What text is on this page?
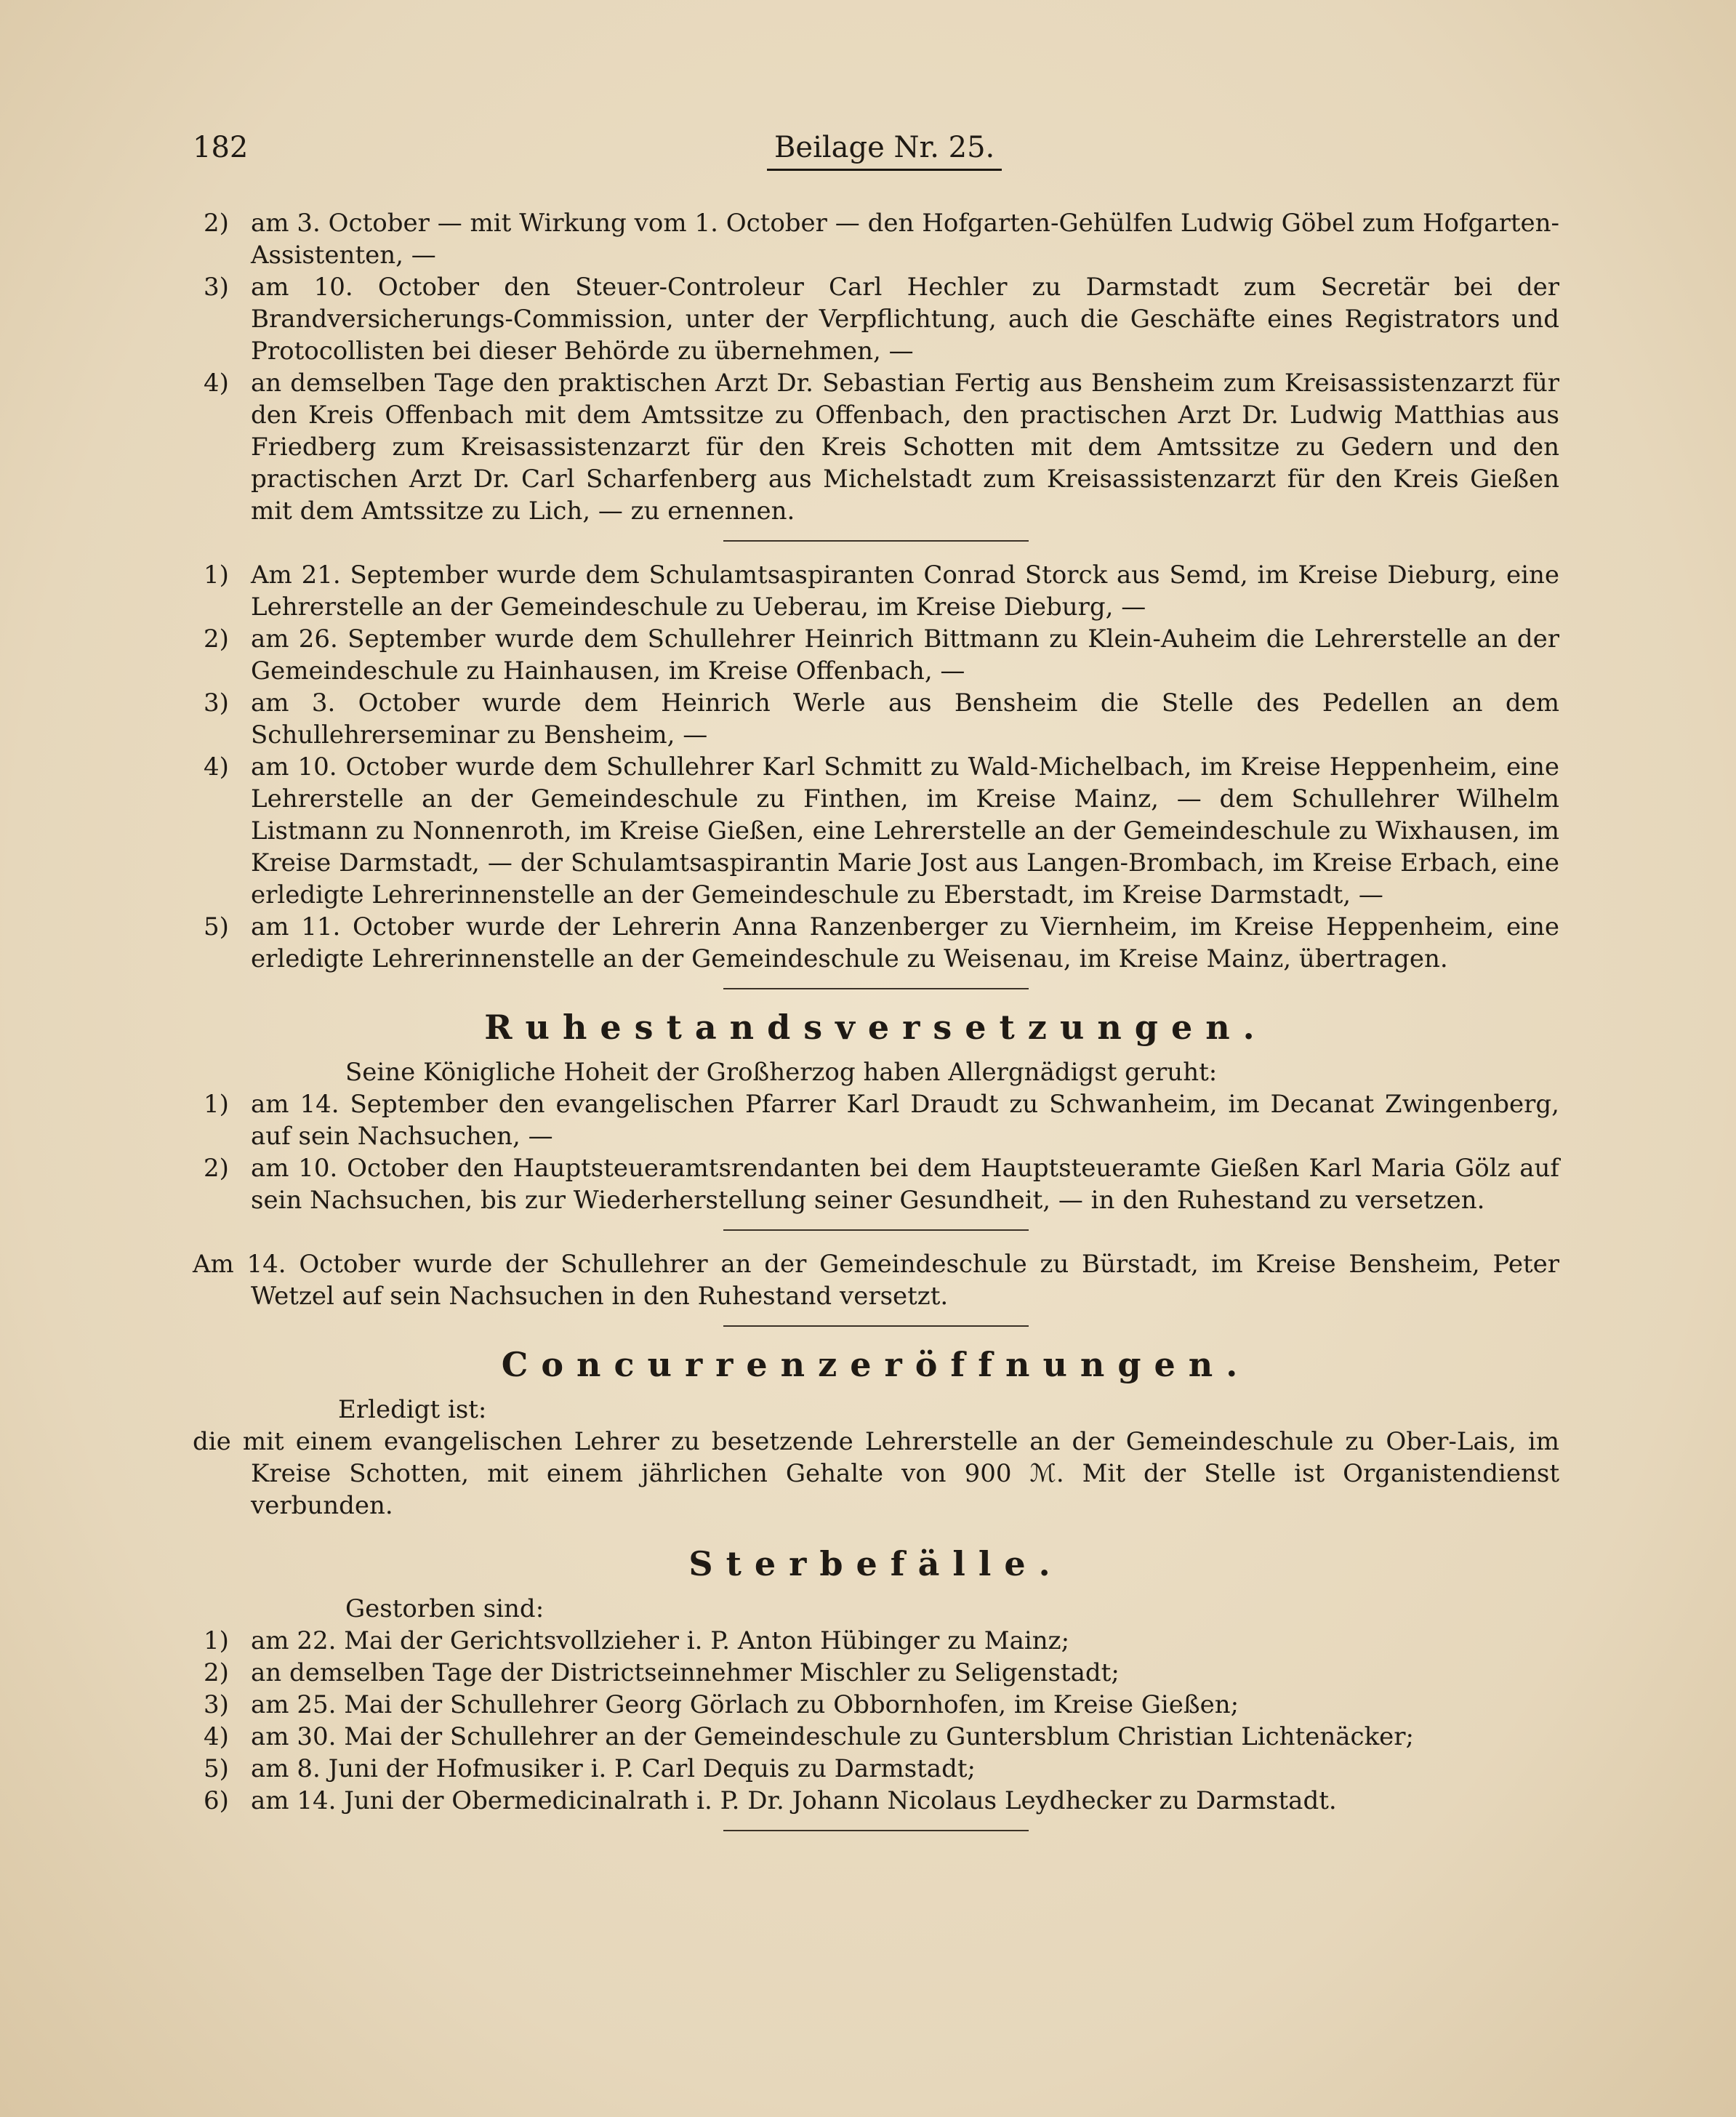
182	Beilage Nr. 25.
2) am 3. October — mit Wirkung vom 1. October — den Hofgarten-Gehülfen Ludwig Göbel zum Hofgarten-Assistenten, —
3) am 10. October den Steuer-Controleur Carl Hechler zu Darmstadt zum Secretär bei der Brandversicherungs-Commission, unter der Verpflichtung, auch die Geschäfte eines Registrators und Protocollisten bei dieser Behörde zu übernehmen, —
4) an demselben Tage den praktischen Arzt Dr. Sebastian Fertig aus Bensheim zum Kreisassistenzarzt für den Kreis Offenbach mit dem Amtssitze zu Offenbach, den practischen Arzt Dr. Ludwig Matthias aus Friedberg zum Kreisassistenzarzt für den Kreis Schotten mit dem Amtssitze zu Gedern und den practischen Arzt Dr. Carl Scharfenberg aus Michelstadt zum Kreisassistenzarzt für den Kreis Gießen mit dem Amtssitze zu Lich, — zu ernennen.
1) Am 21. September wurde dem Schulamtsaspiranten Conrad Storck aus Semd, im Kreise Dieburg, eine Lehrerstelle an der Gemeindeschule zu Ueberau, im Kreise Dieburg, —
2) am 26. September wurde dem Schullehrer Heinrich Bittmann zu Klein-Auheim die Lehrerstelle an der Gemeindeschule zu Hainhausen, im Kreise Offenbach, —
3) am 3. October wurde dem Heinrich Werle aus Bensheim die Stelle des Pedellen an dem Schullehrerseminar zu Bensheim, —
4) am 10. October wurde dem Schullehrer Karl Schmitt zu Wald-Michelbach, im Kreise Heppenheim, eine Lehrerstelle an der Gemeindeschule zu Finthen, im Kreise Mainz, — dem Schullehrer Wilhelm Listmann zu Nonnenroth, im Kreise Gießen, eine Lehrerstelle an der Gemeindeschule zu Wixhausen, im Kreise Darmstadt, — der Schulamtsaspirantin Marie Jost aus Langen-Brombach, im Kreise Erbach, eine erledigte Lehrerinnenstelle an der Gemeindeschule zu Eberstadt, im Kreise Darmstadt, —
5) am 11. October wurde der Lehrerin Anna Ranzenberger zu Viernheim, im Kreise Heppenheim, eine erledigte Lehrerinnenstelle an der Gemeindeschule zu Weisenau, im Kreise Mainz, übertragen.
Ruhestandsversetzungen.
Seine Königliche Hoheit der Großherzog haben Allergnädigst geruht:
1) am 14. September den evangelischen Pfarrer Karl Draudt zu Schwanheim, im Decanat Zwingenberg, auf sein Nachsuchen, —
2) am 10. October den Hauptsteueramtsrendanten bei dem Hauptsteueramte Gießen Karl Maria Gölz auf sein Nachsuchen, bis zur Wiederherstellung seiner Gesundheit, — in den Ruhestand zu versetzen.
Am 14. October wurde der Schullehrer an der Gemeindeschule zu Bürstadt, im Kreise Bensheim, Peter Wetzel auf sein Nachsuchen in den Ruhestand versetzt.
Concurrenzeröffnungen.
Erledigt ist:
die mit einem evangelischen Lehrer zu besetzende Lehrerstelle an der Gemeindeschule zu Ober-Lais, im Kreise Schotten, mit einem jährlichen Gehalte von 900 ℳ. Mit der Stelle ist Organistendienst verbunden.
Sterbefälle.
Gestorben sind:
1) am 22. Mai der Gerichtsvollzieher i. P. Anton Hübinger zu Mainz;
2) an demselben Tage der Districtseinnehmer Mischler zu Seligenstadt;
3) am 25. Mai der Schullehrer Georg Görlach zu Obbornhofen, im Kreise Gießen;
4) am 30. Mai der Schullehrer an der Gemeindeschule zu Guntersblum Christian Lichtenäcker;
5) am 8. Juni der Hofmusiker i. P. Carl Dequis zu Darmstadt;
6) am 14. Juni der Obermedicinalrath i. P. Dr. Johann Nicolaus Leydhecker zu Darmstadt.
